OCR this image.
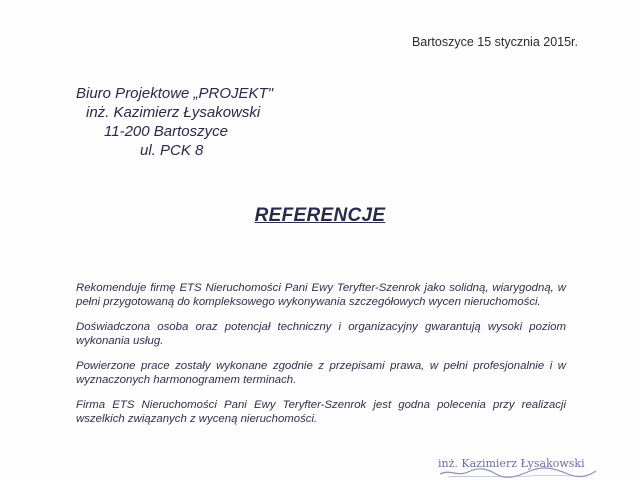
Bartoszyce 15 stycznia 2015r.
Biuro Projektowe „PROJEKT"
inż. Kazimierz Łysakowski
11-200 Bartoszyce
ul. PCK 8
REFERENCJE

Rekomenduje firmę ETS Nieruchomości Pani Ewy Teryfter-Szenrok jako solidną, wiarygodną, w pełni przygotowaną do kompleksowego wykonywania szczegółowych wycen nieruchomości.

Doświadczona osoba oraz potencjał techniczny i organizacyjny gwarantują wysoki poziom wykonania usług.

Powierzone prace zostały wykonane zgodnie z przepisami prawa, w pełni profesjonalnie i w wyznaczonych harmonogramem terminach.

Firma ETS Nieruchomości Pani Ewy Teryfter-Szenrok jest godna polecenia przy realizacji wszelkich związanych z wyceną nieruchomości.

inż. Kazimierz Łysakowski
